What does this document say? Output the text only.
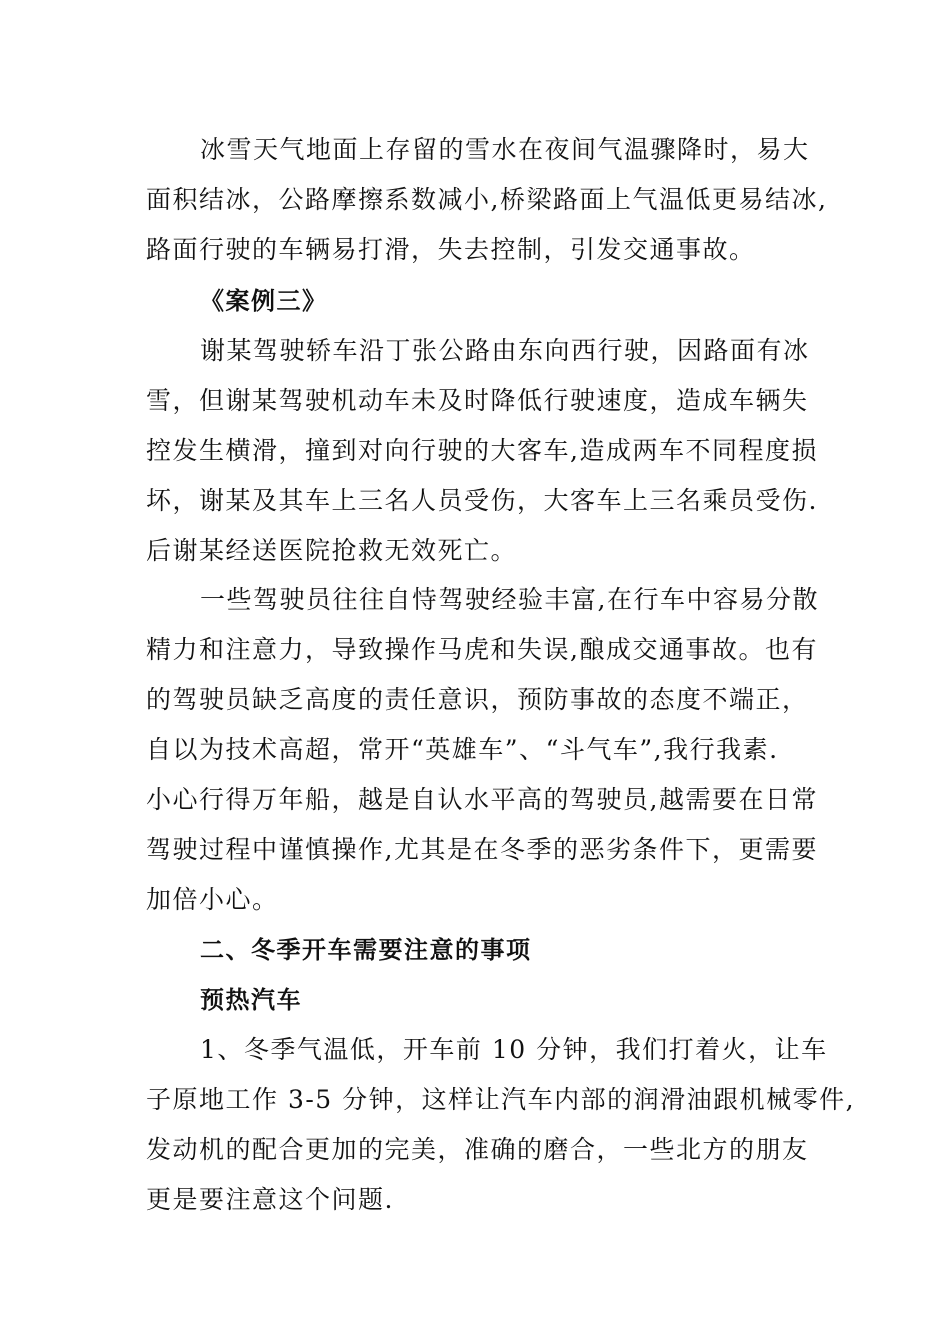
冰雪天气地面上存留的雪水在夜间气温骤降时，易大
面积结冰，公路摩擦系数减小,桥梁路面上气温低更易结冰,
路面行驶的车辆易打滑，失去控制，引发交通事故。
《案例三》
谢某驾驶轿车沿丁张公路由东向西行驶，因路面有冰
雪，但谢某驾驶机动车未及时降低行驶速度，造成车辆失
控发生横滑，撞到对向行驶的大客车,造成两车不同程度损
坏，谢某及其车上三名人员受伤，大客车上三名乘员受伤.
后谢某经送医院抢救无效死亡。
一些驾驶员往往自恃驾驶经验丰富,在行车中容易分散
精力和注意力，导致操作马虎和失误,酿成交通事故。也有
的驾驶员缺乏高度的责任意识，预防事故的态度不端正，
自以为技术高超，常开“英雄车”、“斗气车”,我行我素.
小心行得万年船，越是自认水平高的驾驶员,越需要在日常
驾驶过程中谨慎操作,尤其是在冬季的恶劣条件下，更需要
加倍小心。
二、冬季开车需要注意的事项
预热汽车
1、冬季气温低，开车前 10 分钟，我们打着火，让车
子原地工作 3-5 分钟，这样让汽车内部的润滑油跟机械零件,
发动机的配合更加的完美，准确的磨合，一些北方的朋友
更是要注意这个问题.
